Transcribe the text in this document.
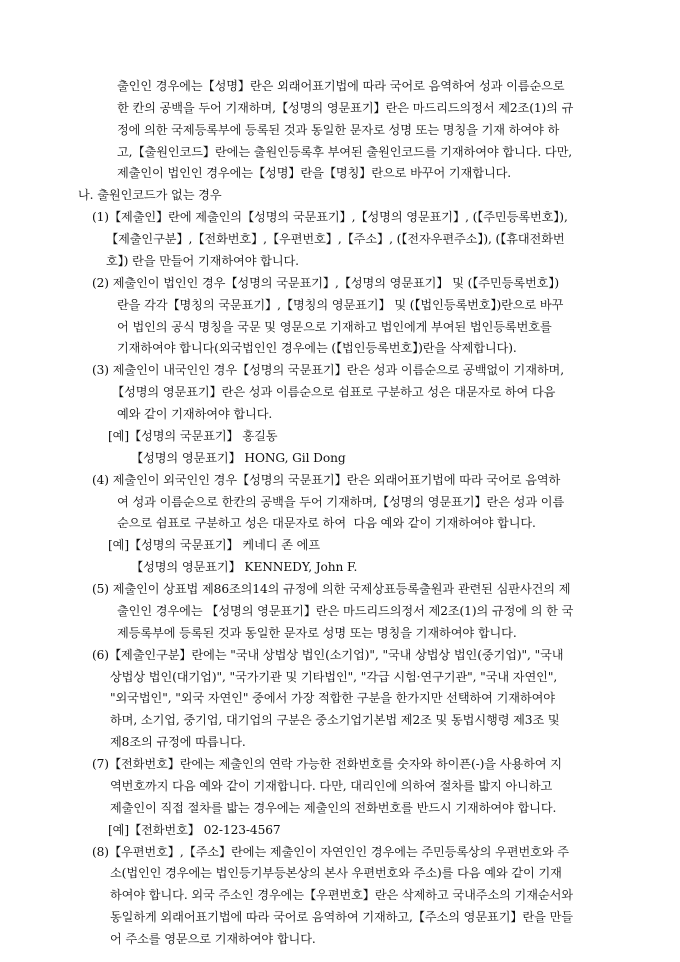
출인인 경우에는【성명】란은 외래어표기법에 따라 국어로 음역하여 성과 이름순으로
한 칸의 공백을 두어 기재하며,【성명의 영문표기】란은 마드리드의정서 제2조(1)의 규
정에 의한 국제등록부에 등록된 것과 동일한 문자로 성명 또는 명칭을 기재 하여야 하
고,【출원인코드】란에는 출원인등록후 부여된 출원인코드를 기재하여야 합니다. 다만,
제출인이 법인인 경우에는【성명】란을【명칭】란으로 바꾸어 기재합니다.
나. 출원인코드가 없는 경우
(1)【제출인】란에 제출인의【성명의 국문표기】,【성명의 영문표기】, (【주민등록번호】),
【제출인구분】,【전화번호】,【우편번호】,【주소】, (【전자우편주소】), (【휴대전화번
호】) 란을 만들어 기재하여야 합니다.
(2) 제출인이 법인인 경우【성명의 국문표기】,【성명의 영문표기】 및 (【주민등록번호】)
란을 각각【명칭의 국문표기】,【명칭의 영문표기】 및 (【법인등록번호】)란으로 바꾸
어 법인의 공식 명칭을 국문 및 영문으로 기재하고 법인에게 부여된 법인등록번호를
기재하여야 합니다(외국법인인 경우에는 (【법인등록번호】)란을 삭제합니다).
(3) 제출인이 내국인인 경우【성명의 국문표기】란은 성과 이름순으로 공백없이 기재하며,
【성명의 영문표기】란은 성과 이름순으로 쉼표로 구분하고 성은 대문자로 하여 다음
예와 같이 기재하여야 합니다.
[예]【성명의 국문표기】 홍길동
【성명의 영문표기】 HONG, Gil Dong
(4) 제출인이 외국인인 경우【성명의 국문표기】란은 외래어표기법에 따라 국어로 음역하
여 성과 이름순으로 한칸의 공백을 두어 기재하며,【성명의 영문표기】란은 성과 이름
순으로 쉼표로 구분하고 성은 대문자로 하여  다음 예와 같이 기재하여야 합니다.
[예]【성명의 국문표기】 케네디 존 에프
【성명의 영문표기】 KENNEDY, John F.
(5) 제출인이 상표법 제86조의14의 규정에 의한 국제상표등록출원과 관련된 심판사건의 제
출인인 경우에는 【성명의 영문표기】란은 마드리드의정서 제2조(1)의 규정에 의 한 국
제등록부에 등록된 것과 동일한 문자로 성명 또는 명칭을 기재하여야 합니다.
(6)【제출인구분】란에는 "국내 상법상 법인(소기업)", "국내 상법상 법인(중기업)", "국내
상법상 법인(대기업)", "국가기관 및 기타법인", "각급 시험·연구기관", "국내 자연인",
"외국법인", "외국 자연인" 중에서 가장 적합한 구분을 한가지만 선택하여 기재하여야
하며, 소기업, 중기업, 대기업의 구분은 중소기업기본법 제2조 및 동법시행령 제3조 및
제8조의 규정에 따릅니다.
(7)【전화번호】란에는 제출인의 연락 가능한 전화번호를 숫자와 하이픈(-)을 사용하여 지
역번호까지 다음 예와 같이 기재합니다. 다만, 대리인에 의하여 절차를 밟지 아니하고
제출인이 직접 절차를 밟는 경우에는 제출인의 전화번호를 반드시 기재하여야 합니다.
[예]【전화번호】 02-123-4567
(8)【우편번호】,【주소】란에는 제출인이 자연인인 경우에는 주민등록상의 우편번호와 주
소(법인인 경우에는 법인등기부등본상의 본사 우편번호와 주소)를 다음 예와 같이 기재
하여야 합니다. 외국 주소인 경우에는【우편번호】란은 삭제하고 국내주소의 기재순서와
동일하게 외래어표기법에 따라 국어로 음역하여 기재하고,【주소의 영문표기】란을 만들
어 주소를 영문으로 기재하여야 합니다.
